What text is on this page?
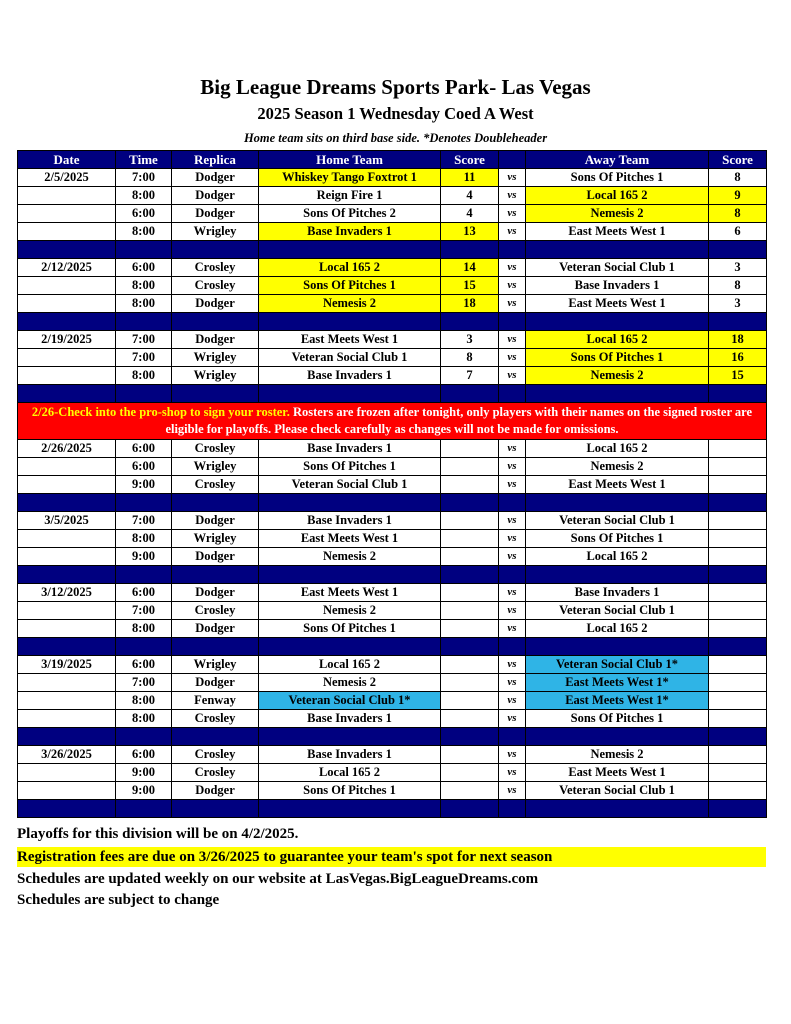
Big League Dreams Sports Park- Las Vegas
2025 Season 1 Wednesday Coed A West
Home team sits on third base side. *Denotes Doubleheader
Date	Time	Replica	Home Team	Score		Away Team	Score
2/5/2025	7:00	Dodger	Whiskey Tango Foxtrot 1	11	vs	Sons Of Pitches 1	8
	8:00	Dodger	Reign Fire 1	4	vs	Local 165 2	9
	6:00	Dodger	Sons Of Pitches 2	4	vs	Nemesis 2	8
	8:00	Wrigley	Base Invaders 1	13	vs	East Meets West 1	6

2/12/2025	6:00	Crosley	Local 165 2	14	vs	Veteran Social Club 1	3
	8:00	Crosley	Sons Of Pitches 1	15	vs	Base Invaders 1	8
	8:00	Dodger	Nemesis 2	18	vs	East Meets West 1	3

2/19/2025	7:00	Dodger	East Meets West 1	3	vs	Local 165 2	18
	7:00	Wrigley	Veteran Social Club 1	8	vs	Sons Of Pitches 1	16
	8:00	Wrigley	Base Invaders 1	7	vs	Nemesis 2	15

2/26-Check into the pro-shop to sign your roster. Rosters are frozen after tonight, only players with their names on the signed roster are eligible for playoffs. Please check carefully as changes will not be made for omissions.							
2/26/2025	6:00	Crosley	Base Invaders 1		vs	Local 165 2	
	6:00	Wrigley	Sons Of Pitches 1		vs	Nemesis 2	
	9:00	Crosley	Veteran Social Club 1		vs	East Meets West 1	

3/5/2025	7:00	Dodger	Base Invaders 1		vs	Veteran Social Club 1	
	8:00	Wrigley	East Meets West 1		vs	Sons Of Pitches 1	
	9:00	Dodger	Nemesis 2		vs	Local 165 2	

3/12/2025	6:00	Dodger	East Meets West 1		vs	Base Invaders 1	
	7:00	Crosley	Nemesis 2		vs	Veteran Social Club 1	
	8:00	Dodger	Sons Of Pitches 1		vs	Local 165 2	

3/19/2025	6:00	Wrigley	Local 165 2		vs	Veteran Social Club 1*	
	7:00	Dodger	Nemesis 2		vs	East Meets West 1*	
	8:00	Fenway	Veteran Social Club 1*		vs	East Meets West 1*	
	8:00	Crosley	Base Invaders 1		vs	Sons Of Pitches 1	

3/26/2025	6:00	Crosley	Base Invaders 1		vs	Nemesis 2	
	9:00	Crosley	Local 165 2		vs	East Meets West 1	
	9:00	Dodger	Sons Of Pitches 1		vs	Veteran Social Club 1	

Playoffs for this division will be on 4/2/2025.
Registration fees are due on 3/26/2025 to guarantee your team's spot for next season
Schedules are updated weekly on our website at LasVegas.BigLeagueDreams.com
Schedules are subject to change
